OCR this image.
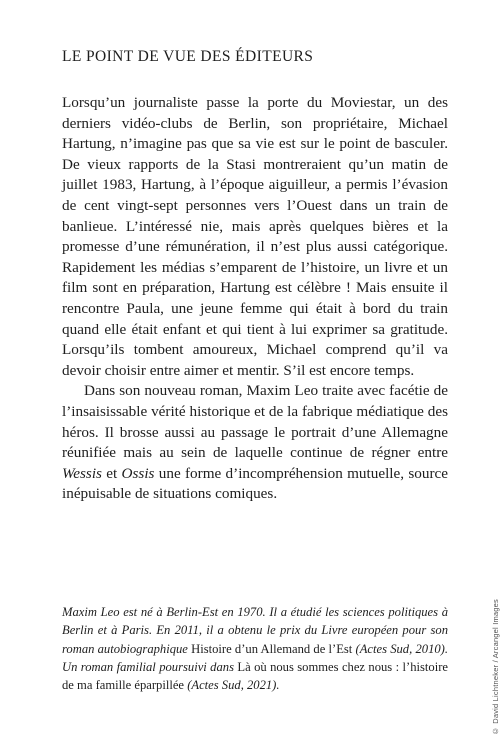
LE POINT DE VUE DES ÉDITEURS

Lorsqu’un journaliste passe la porte du Moviestar, un des derniers vidéo-clubs de Berlin, son propriétaire, Michael Hartung, n’imagine pas que sa vie est sur le point de basculer. De vieux rapports de la Stasi montreraient qu’un matin de juillet 1983, Hartung, à l’époque aiguilleur, a permis l’évasion de cent vingt-sept personnes vers l’Ouest dans un train de banlieue. L’intéressé nie, mais après quelques bières et la promesse d’une rémunération, il n’est plus aussi catégorique. Rapidement les médias s’emparent de l’histoire, un livre et un film sont en préparation, Hartung est célèbre ! Mais ensuite il rencontre Paula, une jeune femme qui était à bord du train quand elle était enfant et qui tient à lui exprimer sa gratitude. Lorsqu’ils tombent amoureux, Michael comprend qu’il va devoir choisir entre aimer et mentir. S’il est encore temps.

Dans son nouveau roman, Maxim Leo traite avec facétie de l’insaisissable vérité historique et de la fabrique médiatique des héros. Il brosse aussi au passage le portrait d’une Allemagne réunifiée mais au sein de laquelle continue de régner entre Wessis et Ossis une forme d’incompréhension mutuelle, source inépuisable de situations comiques.

Maxim Leo est né à Berlin-Est en 1970. Il a étudié les sciences politiques à Berlin et à Paris. En 2011, il a obtenu le prix du Livre européen pour son roman autobiographique Histoire d’un Allemand de l’Est (Actes Sud, 2010). Un roman familial poursuivi dans Là où nous sommes chez nous : l’histoire de ma famille éparpillée (Actes Sud, 2021).	© David Lichtneker / Arcangel Images
